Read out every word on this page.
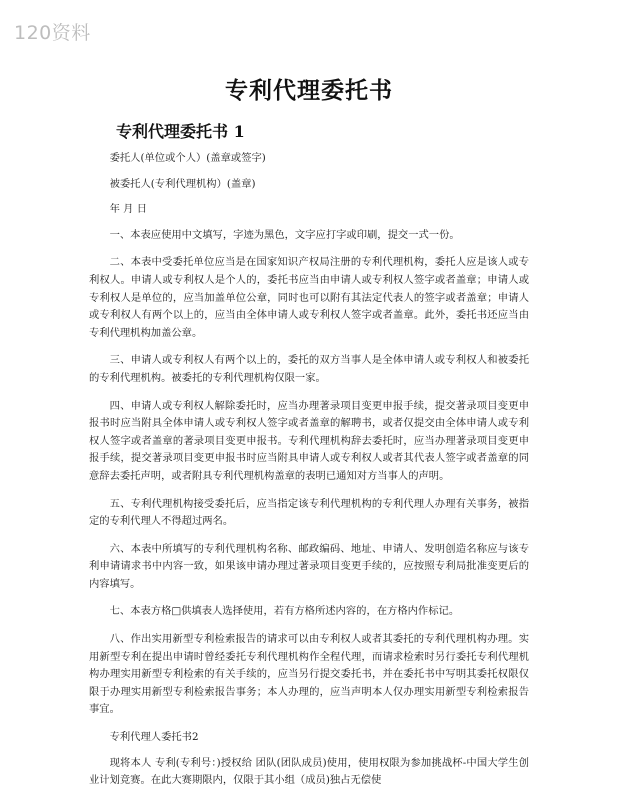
120资料
专利代理委托书
专利代理委托书 1

委托人(单位或个人）(盖章或签字)

被委托人(专利代理机构）(盖章)

年 月 日

一、本表应使用中文填写，字迹为黑色，文字应打字或印刷，提交一式一份。

二、本表中受委托单位应当是在国家知识产权局注册的专利代理机构，委托人应是该人或专利权人。申请人或专利权人是个人的，委托书应当由申请人或专利权人签字或者盖章；申请人或专利权人是单位的，应当加盖单位公章，同时也可以附有其法定代表人的签字或者盖章；申请人或专利权人有两个以上的，应当由全体申请人或专利权人签字或者盖章。此外，委托书还应当由专利代理机构加盖公章。

三、申请人或专利权人有两个以上的，委托的双方当事人是全体申请人或专利权人和被委托的专利代理机构。被委托的专利代理机构仅限一家。

四、申请人或专利权人解除委托时，应当办理著录项目变更申报手续，提交著录项目变更申报书时应当附具全体申请人或专利权人签字或者盖章的解聘书，或者仅提交由全体申请人或专利权人签字或者盖章的著录项目变更申报书。专利代理机构辞去委托时，应当办理著录项目变更申报手续，提交著录项目变更申报书时应当附具申请人或专利权人或者其代表人签字或者盖章的同意辞去委托声明，或者附具专利代理机构盖章的表明已通知对方当事人的声明。

五、专利代理机构接受委托后，应当指定该专利代理机构的专利代理人办理有关事务，被指定的专利代理人不得超过两名。

六、本表中所填写的专利代理机构名称、邮政编码、地址、申请人、发明创造名称应与该专利申请请求书中内容一致，如果该申请办理过著录项目变更手续的，应按照专利局批准变更后的内容填写。

七、本表方格□供填表人选择使用，若有方格所述内容的，在方格内作标记。

八、作出实用新型专利检索报告的请求可以由专利权人或者其委托的专利代理机构办理。实用新型专利在提出申请时曾经委托专利代理机构作全程代理，而请求检索时另行委托专利代理机构办理实用新型专利检索的有关手续的，应当另行提交委托书，并在委托书中写明其委托权限仅限于办理实用新型专利检索报告事务；本人办理的，应当声明本人仅办理实用新型专利检索报告事宜。

专利代理人委托书2

现将本人 专利(专利号：)授权给 团队(团队成员)使用，使用权限为参加挑战杯-中国大学生创业计划竞赛。在此大赛期限内，仅限于其小组（成员)独占无偿使
